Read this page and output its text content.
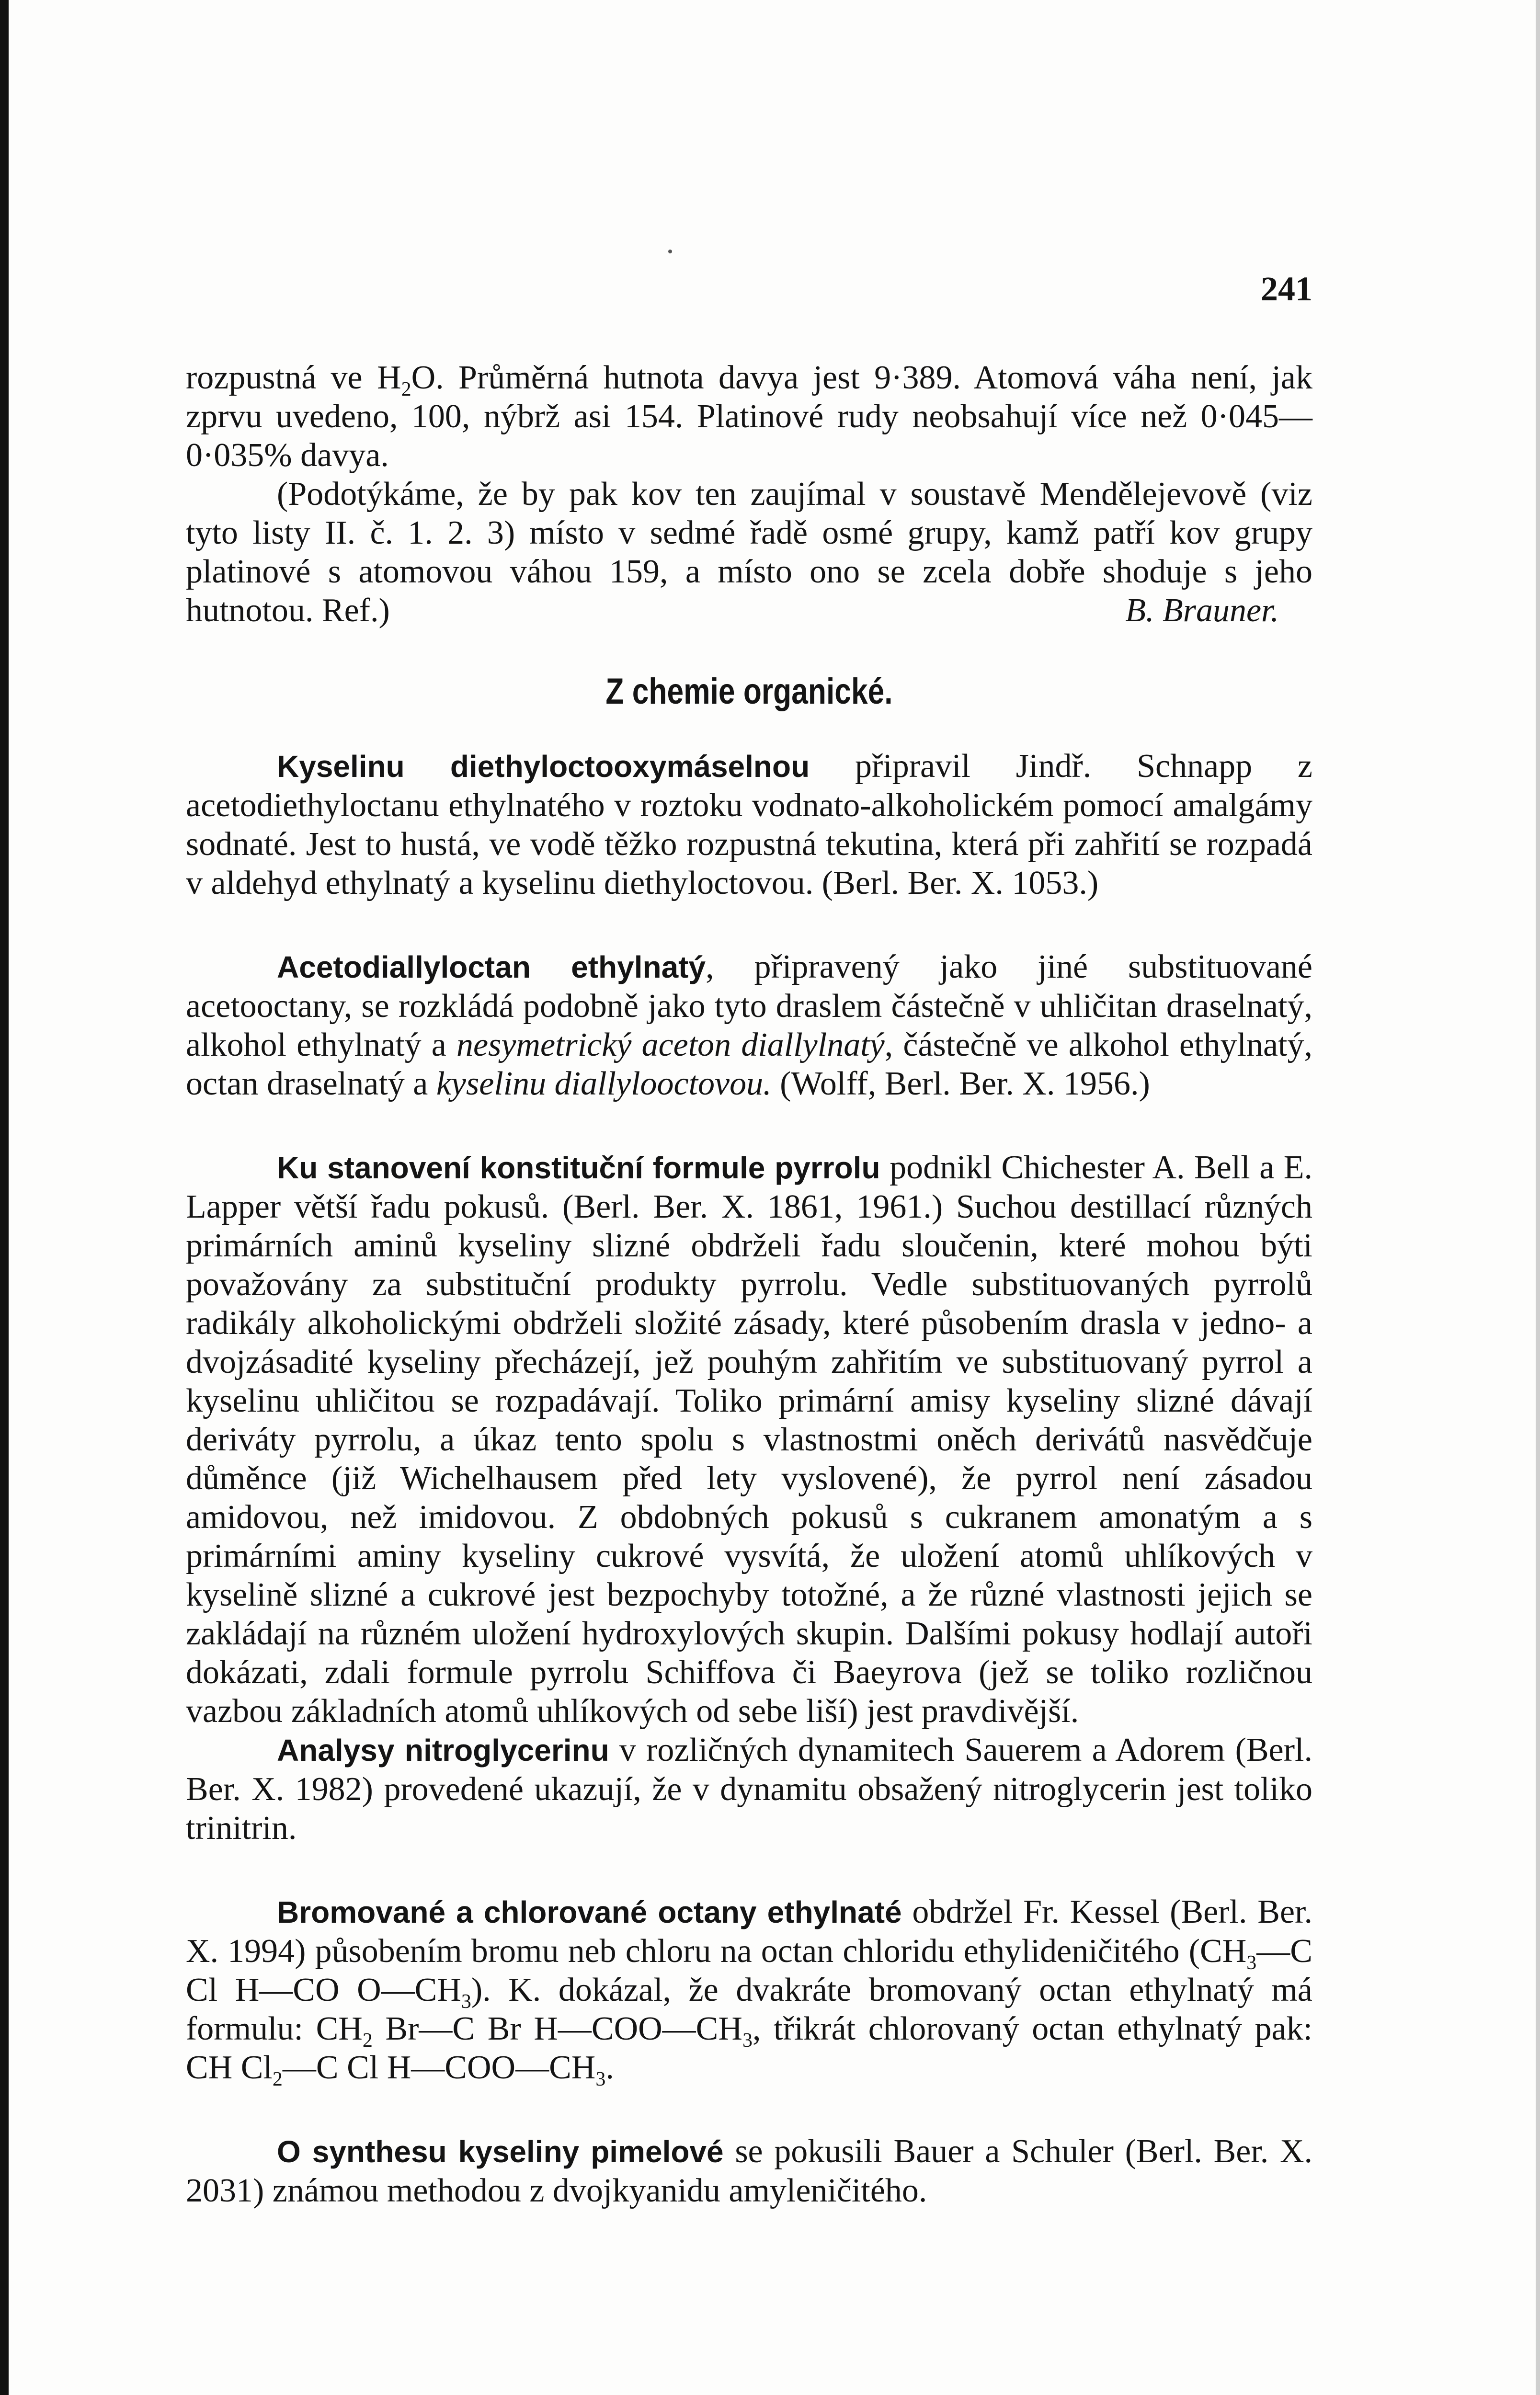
241

rozpustná ve $H_2O$. Průměrná hutnota davya jest 9·389. Atomová váha není, jak zprvu uvedeno, 100, nýbrž asi 154. Platinové rudy neobsahují více než 0·045—0·035% davya.

(Podotýkáme, že by pak kov ten zaujímal v soustavě Mendělejevově (viz tyto listy II. č. 1. 2. 3) místo v sedmé řadě osmé grupy, kamž patří kov grupy platinové s atomovou váhou 159, a místo ono se zcela dobře shoduje s jeho hutnotou. Ref.)	B. Brauner.

Z chemie organické.

Kyselinu diethyloctooxymáselnou připravil Jindř. Schnapp z acetodiethyloctanu ethylnatého v roztoku vodnato-alkoholickém pomocí amalgámy sodnaté. Jest to hustá, ve vodě těžko rozpustná tekutina, která při zahřití se rozpadá v aldehyd ethylnatý a kyselinu diethyloctovou. (Berl. Ber. X. 1053.)

Acetodiallyloctan ethylnatý, připravený jako jiné substituované acetooctany, se rozkládá podobně jako tyto draslem částečně v uhličitan draselnatý, alkohol ethylnatý a nesymetrický aceton diallylnatý, částečně ve alkohol ethylnatý, octan draselnatý a kyselinu diallylooctovou. (Wolff, Berl. Ber. X. 1956.)

Ku stanovení konstituční formule pyrrolu podnikl Chichester A. Bell a E. Lapper větší řadu pokusů. (Berl. Ber. X. 1861, 1961.) Suchou destillací různých primárních aminů kyseliny slizné obdrželi řadu sloučenin, které mohou býti považovány za substituční produkty pyrrolu. Vedle substituovaných pyrrolů radikály alkoholickými obdrželi složité zásady, které působením drasla v jedno- a dvojzásadité kyseliny přecházejí, jež pouhým zahřitím ve substituovaný pyrrol a kyselinu uhličitou se rozpadávají. Toliko primární amisy kyseliny slizné dávají deriváty pyrrolu, a úkaz tento spolu s vlastnostmi oněch derivátů nasvědčuje důměnce (již Wichelhausem před lety vyslovené), že pyrrol není zásadou amidovou, než imidovou. Z obdobných pokusů s cukranem amonatým a s primárními aminy kyseliny cukrové vysvítá, že uložení atomů uhlíkových v kyselině slizné a cukrové jest bezpochyby totožné, a že různé vlastnosti jejich se zakládají na různém uložení hydroxylových skupin. Dalšími pokusy hodlají autoři dokázati, zdali formule pyrrolu Schiffova či Baeyrova (jež se toliko rozličnou vazbou základních atomů uhlíkových od sebe liší) jest pravdivější.

Analysy nitroglycerinu v rozličných dynamitech Sauerem a Adorem (Berl. Ber. X. 1982) provedené ukazují, že v dynamitu obsažený nitroglycerin jest toliko trinitrin.

Bromované a chlorované octany ethylnaté obdržel Fr. Kessel (Berl. Ber. X. 1994) působením bromu neb chloru na octan chloridu ethylideničitého ($CH_3—C$ Cl H—CO $O—CH_3$). K. dokázal, že dvakráte bromovaný octan ethylnatý má formulu: $CH_2$ Br—C Br $H—COO—CH_3$, třikrát chlorovaný octan ethylnatý pak: CH $Cl_2—C$ Cl $H—COO—CH_3$.

O synthesu kyseliny pimelové se pokusili Bauer a Schuler (Berl. Ber. X. 2031) známou methodou z dvojkyanidu amyleničitého.
